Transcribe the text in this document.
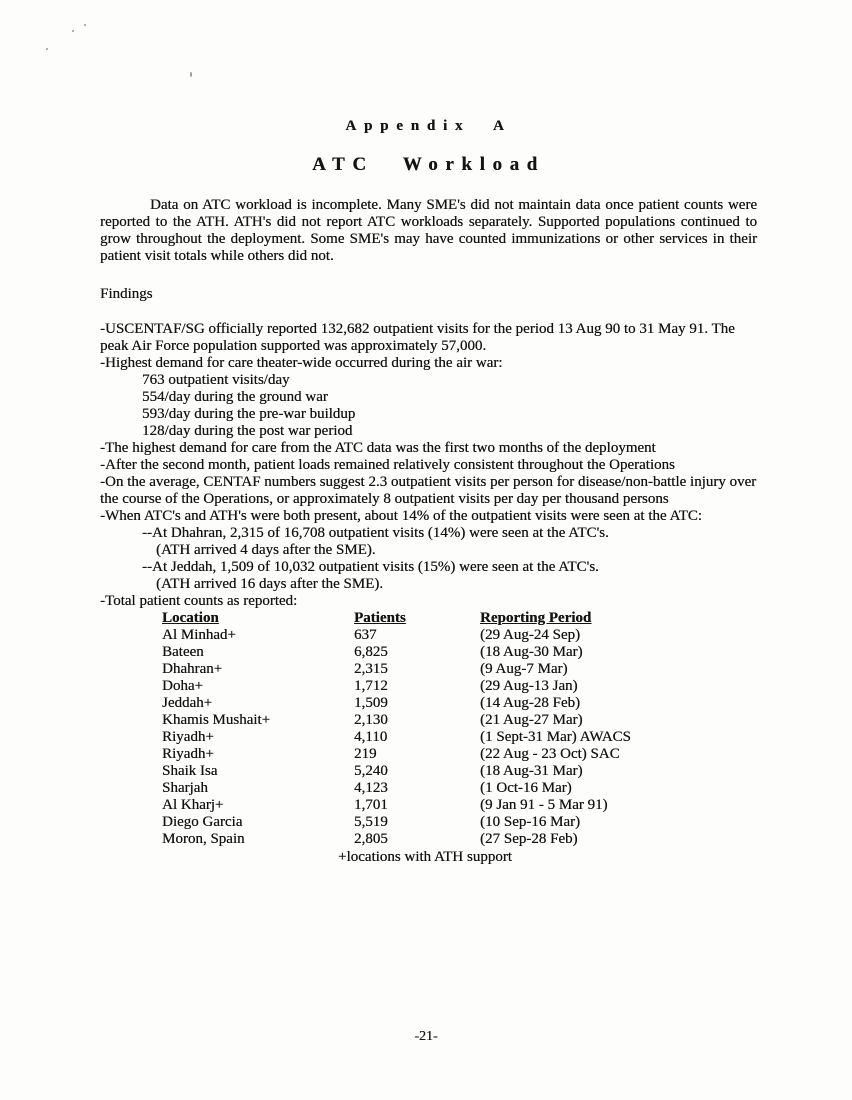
Appendix A

ATC Workload

Data on ATC workload is incomplete. Many SME's did not maintain data once patient counts were reported to the ATH. ATH's did not report ATC workloads separately. Supported populations continued to grow throughout the deployment. Some SME's may have counted immunizations or other services in their patient visit totals while others did not.

Findings

-USCENTAF/SG officially reported 132,682 outpatient visits for the period 13 Aug 90 to 31 May 91. The peak Air Force population supported was approximately 57,000.

-Highest demand for care theater-wide occurred during the air war:

763 outpatient visits/day

554/day during the ground war

593/day during the pre-war buildup

128/day during the post war period

-The highest demand for care from the ATC data was the first two months of the deployment

-After the second month, patient loads remained relatively consistent throughout the Operations

-On the average, CENTAF numbers suggest 2.3 outpatient visits per person for disease/non-battle injury over the course of the Operations, or approximately 8 outpatient visits per day per thousand persons

-When ATC's and ATH's were both present, about 14% of the outpatient visits were seen at the ATC:

--At Dhahran, 2,315 of 16,708 outpatient visits (14%) were seen at the ATC's.

(ATH arrived 4 days after the SME).

--At Jeddah, 1,509 of 10,032 outpatient visits (15%) were seen at the ATC's.

(ATH arrived 16 days after the SME).

-Total patient counts as reported:

Location	Patients	Reporting Period
Al Minhad+	637	(29 Aug-24 Sep)
Bateen	6,825	(18 Aug-30 Mar)
Dhahran+	2,315	(9 Aug-7 Mar)
Doha+	1,712	(29 Aug-13 Jan)
Jeddah+	1,509	(14 Aug-28 Feb)
Khamis Mushait+	2,130	(21 Aug-27 Mar)
Riyadh+	4,110	(1 Sept-31 Mar) AWACS
Riyadh+	219	(22 Aug - 23 Oct) SAC
Shaik Isa	5,240	(18 Aug-31 Mar)
Sharjah	4,123	(1 Oct-16 Mar)
Al Kharj+	1,701	(9 Jan 91 - 5 Mar 91)
Diego Garcia	5,519	(10 Sep-16 Mar)
Moron, Spain	2,805	(27 Sep-28 Feb)

+locations with ATH support

-21-
